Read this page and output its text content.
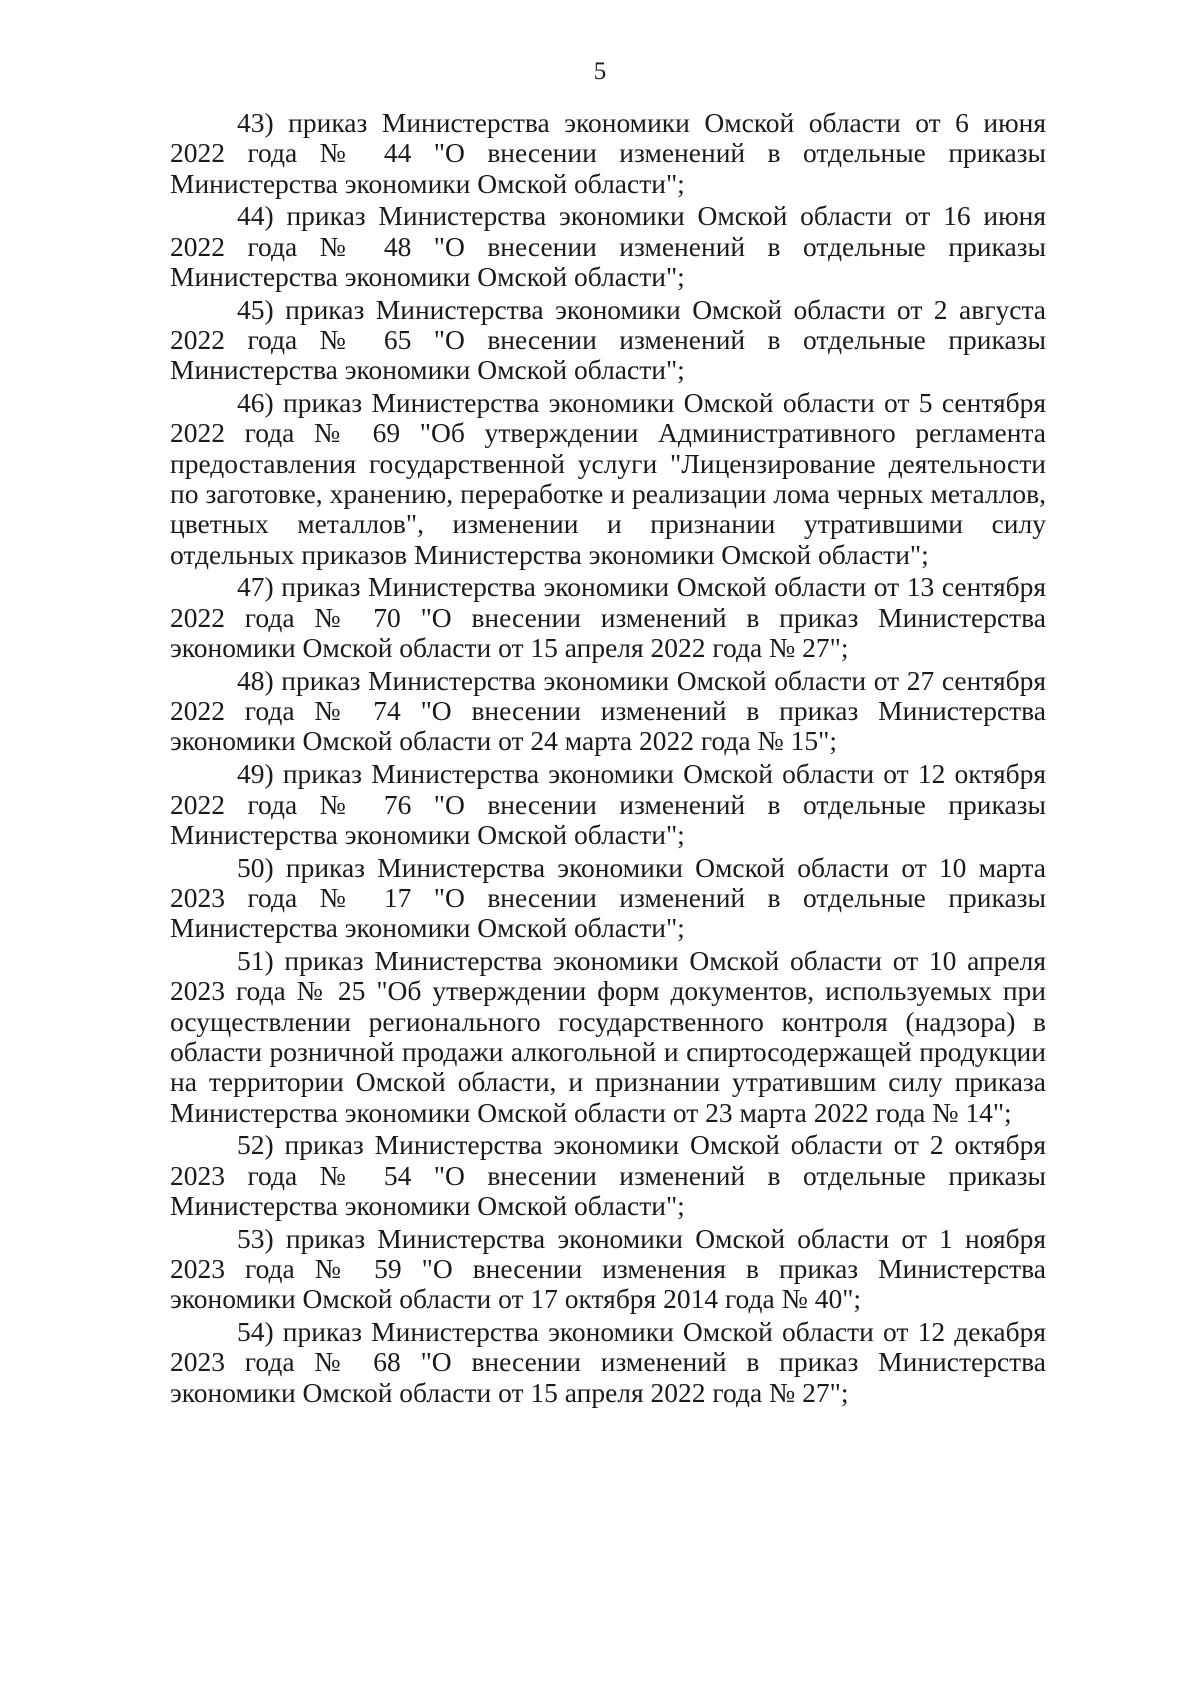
5

43) приказ Министерства экономики Омской области от 6 июня 2022 года № 44 "О внесении изменений в отдельные приказы Министерства экономики Омской области";

44) приказ Министерства экономики Омской области от 16 июня 2022 года № 48 "О внесении изменений в отдельные приказы Министерства экономики Омской области";

45) приказ Министерства экономики Омской области от 2 августа 2022 года № 65 "О внесении изменений в отдельные приказы Министерства экономики Омской области";

46) приказ Министерства экономики Омской области от 5 сентября 2022 года № 69 "Об утверждении Административного регламента предоставления государственной услуги "Лицензирование деятельности по заготовке, хранению, переработке и реализации лома черных металлов, цветных металлов", изменении и признании утратившими силу отдельных приказов Министерства экономики Омской области";

47) приказ Министерства экономики Омской области от 13 сентября 2022 года № 70 "О внесении изменений в приказ Министерства экономики Омской области от 15 апреля 2022 года № 27";

48) приказ Министерства экономики Омской области от 27 сентября 2022 года № 74 "О внесении изменений в приказ Министерства экономики Омской области от 24 марта 2022 года № 15";

49) приказ Министерства экономики Омской области от 12 октября 2022 года № 76 "О внесении изменений в отдельные приказы Министерства экономики Омской области";

50) приказ Министерства экономики Омской области от 10 марта 2023 года № 17 "О внесении изменений в отдельные приказы Министерства экономики Омской области";

51) приказ Министерства экономики Омской области от 10 апреля 2023 года № 25 "Об утверждении форм документов, используемых при осуществлении регионального государственного контроля (надзора) в области розничной продажи алкогольной и спиртосодержащей продукции на территории Омской области, и признании утратившим силу приказа Министерства экономики Омской области от 23 марта 2022 года № 14";

52) приказ Министерства экономики Омской области от 2 октября 2023 года № 54 "О внесении изменений в отдельные приказы Министерства экономики Омской области";

53) приказ Министерства экономики Омской области от 1 ноября 2023 года № 59 "О внесении изменения в приказ Министерства экономики Омской области от 17 октября 2014 года № 40";

54) приказ Министерства экономики Омской области от 12 декабря 2023 года № 68 "О внесении изменений в приказ Министерства экономики Омской области от 15 апреля 2022 года № 27";
